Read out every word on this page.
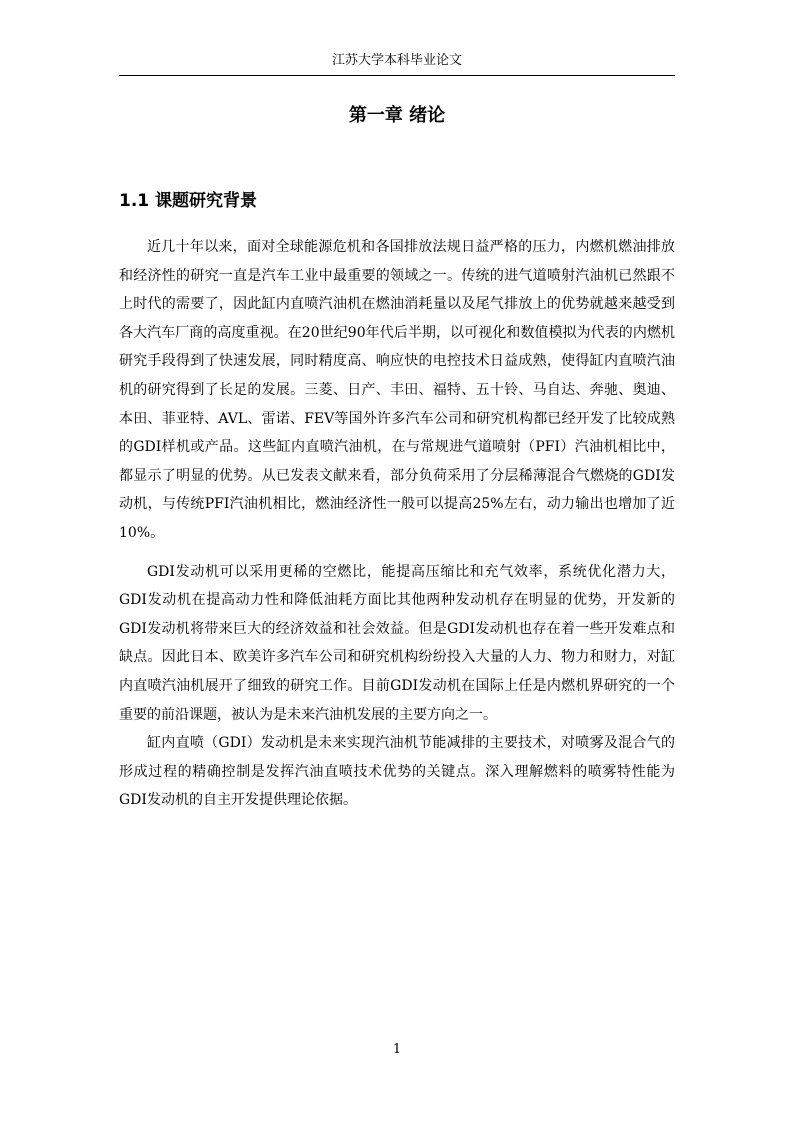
江苏大学本科毕业论文
第一章 绪论
1.1 课题研究背景

近几十年以来，面对全球能源危机和各国排放法规日益严格的压力，内燃机燃油排放和经济性的研究一直是汽车工业中最重要的领域之一。传统的进气道喷射汽油机已然跟不上时代的需要了，因此缸内直喷汽油机在燃油消耗量以及尾气排放上的优势就越来越受到各大汽车厂商的高度重视。在20世纪90年代后半期，以可视化和数值模拟为代表的内燃机研究手段得到了快速发展，同时精度高、响应快的电控技术日益成熟，使得缸内直喷汽油机的研究得到了长足的发展。三菱、日产、丰田、福特、五十铃、马自达、奔驰、奥迪、本田、菲亚特、AVL、雷诺、FEV等国外许多汽车公司和研究机构都已经开发了比较成熟的GDI样机或产品。这些缸内直喷汽油机，在与常规进气道喷射（PFI）汽油机相比中，都显示了明显的优势。从已发表文献来看，部分负荷采用了分层稀薄混合气燃烧的GDI发动机，与传统PFI汽油机相比，燃油经济性一般可以提高25%左右，动力输出也增加了近10%。

GDI发动机可以采用更稀的空燃比，能提高压缩比和充气效率，系统优化潜力大，GDI发动机在提高动力性和降低油耗方面比其他两种发动机存在明显的优势，开发新的GDI发动机将带来巨大的经济效益和社会效益。但是GDI发动机也存在着一些开发难点和缺点。因此日本、欧美许多汽车公司和研究机构纷纷投入大量的人力、物力和财力，对缸内直喷汽油机展开了细致的研究工作。目前GDI发动机在国际上任是内燃机界研究的一个重要的前沿课题，被认为是未来汽油机发展的主要方向之一。

缸内直喷（GDI）发动机是未来实现汽油机节能减排的主要技术，对喷雾及混合气的形成过程的精确控制是发挥汽油直喷技术优势的关键点。深入理解燃料的喷雾特性能为GDI发动机的自主开发提供理论依据。

1
